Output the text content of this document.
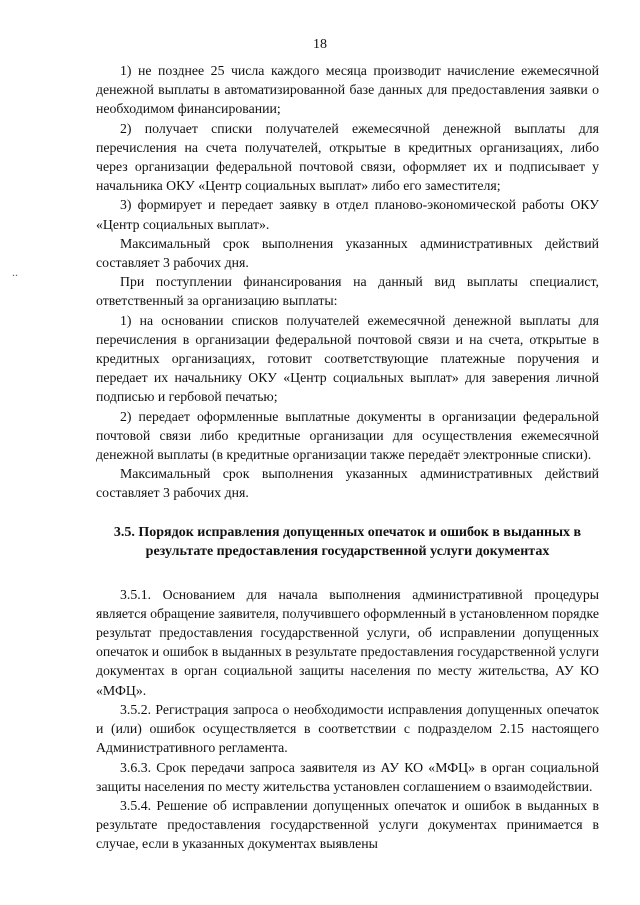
18
..

1) не позднее 25 числа каждого месяца производит начисление ежемесячной денежной выплаты в автоматизированной базе данных для предоставления заявки о необходимом финансировании;

2) получает списки получателей ежемесячной денежной выплаты для перечисления на счета получателей, открытые в кредитных организациях, либо через организации федеральной почтовой связи, оформляет их и подписывает у начальника ОКУ «Центр социальных выплат» либо его заместителя;

3) формирует и передает заявку в отдел планово-экономической работы ОКУ «Центр социальных выплат».

Максимальный срок выполнения указанных административных действий составляет 3 рабочих дня.

При поступлении финансирования на данный вид выплаты специалист, ответственный за организацию выплаты:

1) на основании списков получателей ежемесячной денежной выплаты для перечисления в организации федеральной почтовой связи и на счета, открытые в кредитных организациях, готовит соответствующие платежные поручения и передает их начальнику ОКУ «Центр социальных выплат» для заверения личной подписью и гербовой печатью;

2) передает оформленные выплатные документы в организации федеральной почтовой связи либо кредитные организации для осуществления ежемесячной денежной выплаты (в кредитные организации также передаёт электронные списки).

Максимальный срок выполнения указанных административных действий составляет 3 рабочих дня.

3.5. Порядок исправления допущенных опечаток и ошибок в выданных в результате предоставления государственной услуги документах

3.5.1. Основанием для начала выполнения административной процедуры является обращение заявителя, получившего оформленный в установленном порядке результат предоставления государственной услуги, об исправлении допущенных опечаток и ошибок в выданных в результате предоставления государственной услуги документах в орган социальной защиты населения по месту жительства, АУ КО «МФЦ».

3.5.2. Регистрация запроса о необходимости исправления допущенных опечаток и (или) ошибок осуществляется в соответствии с подразделом 2.15 настоящего Административного регламента.

3.6.3. Срок передачи запроса заявителя из АУ КО «МФЦ» в орган социальной защиты населения по месту жительства установлен соглашением о взаимодействии.

3.5.4. Решение об исправлении допущенных опечаток и ошибок в выданных в результате предоставления государственной услуги документах принимается в случае, если в указанных документах выявлены
